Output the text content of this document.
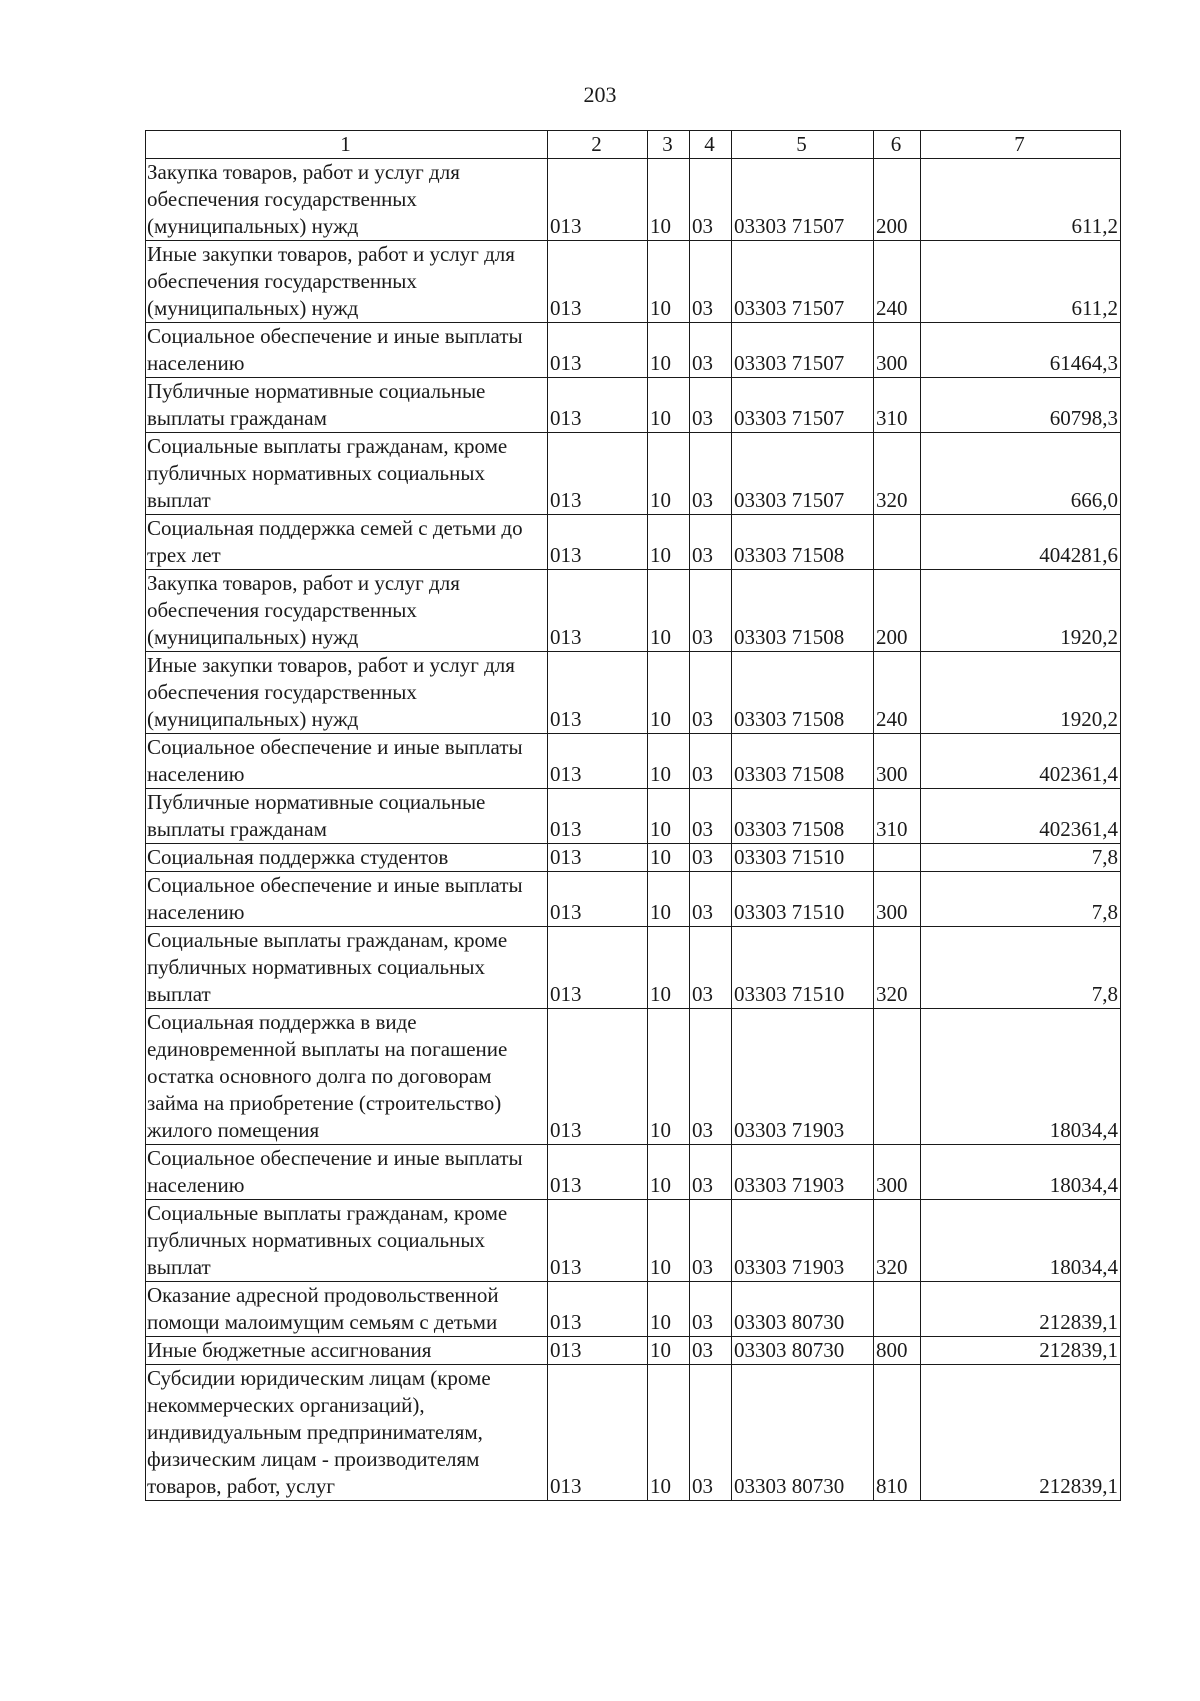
203
1	2	3	4	5	6	7
Закупка товаров, работ и услуг для обеспечения государственных (муниципальных) нужд	013	10	03	03303 71507	200	611,2
Иные закупки товаров, работ и услуг для обеспечения государственных (муниципальных) нужд	013	10	03	03303 71507	240	611,2
Социальное обеспечение и иные выплаты населению	013	10	03	03303 71507	300	61464,3
Публичные нормативные социальные выплаты гражданам	013	10	03	03303 71507	310	60798,3
Социальные выплаты гражданам, кроме публичных нормативных социальных выплат	013	10	03	03303 71507	320	666,0
Социальная поддержка семей с детьми до трех лет	013	10	03	03303 71508		404281,6
Закупка товаров, работ и услуг для обеспечения государственных (муниципальных) нужд	013	10	03	03303 71508	200	1920,2
Иные закупки товаров, работ и услуг для обеспечения государственных (муниципальных) нужд	013	10	03	03303 71508	240	1920,2
Социальное обеспечение и иные выплаты населению	013	10	03	03303 71508	300	402361,4
Публичные нормативные социальные выплаты гражданам	013	10	03	03303 71508	310	402361,4
Социальная поддержка студентов	013	10	03	03303 71510		7,8
Социальное обеспечение и иные выплаты населению	013	10	03	03303 71510	300	7,8
Социальные выплаты гражданам, кроме публичных нормативных социальных выплат	013	10	03	03303 71510	320	7,8
Социальная поддержка в виде единовременной выплаты на погашение остатка основного долга по договорам займа на приобретение (строительство) жилого помещения	013	10	03	03303 71903		18034,4
Социальное обеспечение и иные выплаты населению	013	10	03	03303 71903	300	18034,4
Социальные выплаты гражданам, кроме публичных нормативных социальных выплат	013	10	03	03303 71903	320	18034,4
Оказание адресной продовольственной помощи малоимущим семьям с детьми	013	10	03	03303 80730		212839,1
Иные бюджетные ассигнования	013	10	03	03303 80730	800	212839,1
Субсидии юридическим лицам (кроме некоммерческих организаций), индивидуальным предпринимателям, физическим лицам - производителям товаров, работ, услуг	013	10	03	03303 80730	810	212839,1
